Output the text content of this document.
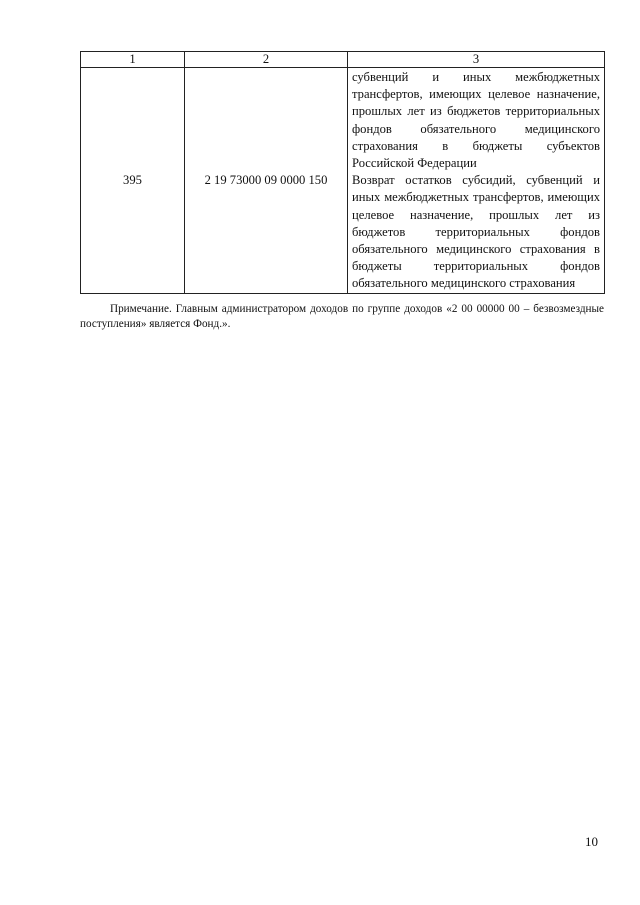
1	2	3
395	2 19 73000 09 0000 150	субвенций и иных межбюджетных трансфертов, имеющих целевое назначение, прошлых лет из бюджетов территориальных фондов обязательного медицинского страхования в бюджеты субъектов Российской Федерации

Возврат остатков субсидий, субвенций и иных межбюджетных трансфертов, имеющих целевое назначение, прошлых лет из бюджетов территориальных фондов обязательного медицинского страхования в бюджеты территориальных фондов обязательного медицинского страхования

Примечание. Главным администратором доходов по группе доходов «2 00 00000 00 – безвозмездные поступления» является Фонд.».

10
